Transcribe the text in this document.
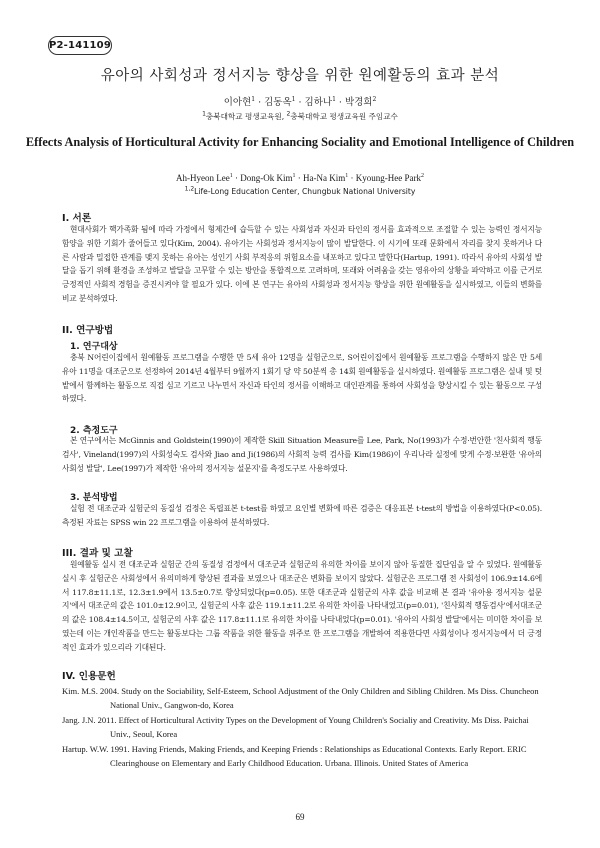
P2-141109
유아의 사회성과 정서지능 향상을 위한 원예활동의 효과 분석
이아현$^1$ · 김동옥$^1$ · 김하나$^1$ · 박경희$^2$
$^1$충북대학교 평생교육원, $^2$충북대학교 평생교육원 주임교수
Effects Analysis of Horticultural Activity for Enhancing Sociality and Emotional Intelligence of Children
Ah-Hyeon Lee$^1$ · Dong-Ok Kim$^1$ · Ha-Na Kim$^1$ · Kyoung-Hee Park$^2$
$^{1,2}$Life-Long Education Center, Chungbuk National University
I. 서론
현대사회가 핵가족화 됨에 따라 가정에서 형제간에 습득할 수 있는 사회성과 자신과 타인의 정서를 효과적으로 조절할 수 있는 능력인 정서지능 함양을 위한 기회가 줄어들고 있다(Kim, 2004). 유아기는 사회성과 정서지능이 많이 발달한다. 이 시기에 또래 문화에서 자리를 찾지 못하거나 다른 사람과 밀접한 관계를 맺지 못하는 유아는 성인기 사회 부적응의 위험요소를 내포하고 있다고 말한다(Hartup, 1991). 따라서 유아의 사회성 발달을 돕기 위해 환경을 조성하고 발달을 고무할 수 있는 방안을 통합적으로 고려하며, 또래와 어려움을 갖는 영유아의 상황을 파악하고 이를 근거로 긍정적인 사회적 경험을 증진시켜야 할 필요가 있다. 이에 본 연구는 유아의 사회성과 정서지능 향상을 위한 원예활동을 실시하였고, 이들의 변화를 비교 분석하였다.
II. 연구방법
1. 연구대상
충북 N어린이집에서 원예활동 프로그램을 수행한 만 5세 유아 12명을 실험군으로, S어린이집에서 원예활동 프로그램을 수행하지 않은 만 5세 유아 11명을 대조군으로 선정하여 2014년 4월부터 9월까지 1회기 당 약 50분씩 총 14회 원예활동을 실시하였다. 원예활동 프로그램은 실내 및 텃밭에서 함께하는 활동으로 직접 심고 기르고 나누면서 자신과 타인의 정서를 이해하고 대인관계를 통하여 사회성을 향상시킬 수 있는 활동으로 구성하였다.
2. 측정도구
본 연구에서는 McGinnis and Goldstein(1990)이 제작한 Skill Situation Measure를 Lee, Park, No(1993)가 수정·번안한 '친사회적 행동검사', Vineland(1997)의 사회성숙도 검사와 Jiao and Ji(1986)의 사회적 능력 검사를 Kim(1986)이 우리나라 실정에 맞게 수정·보완한 '유아의 사회성 발달', Lee(1997)가 제작한 '유아의 정서지능 설문지'를 측정도구로 사용하였다.
3. 분석방법
실험 전 대조군과 실험군의 동질성 검정은 독립표본 t-test를 하였고 요인별 변화에 따른 검증은 대응표본 t-test의 방법을 이용하였다(P<0.05). 측정된 자료는 SPSS win 22 프로그램을 이용하여 분석하였다.
III. 결과 및 고찰
원예활동 실시 전 대조군과 실험군 간의 동질성 검정에서 대조군과 실험군의 유의한 차이를 보이지 않아 동질한 집단임을 알 수 있었다. 원예활동 실시 후 실험군은 사회성에서 유의미하게 향상된 결과를 보였으나 대조군은 변화를 보이지 않았다. 실험군은 프로그램 전 사회성이 106.9±14.6에서 117.8±11.1로, 12.3±1.9에서 13.5±0.7로 향상되었다(p=0.05). 또한 대조군과 실험군의 사후 값을 비교해 본 결과 '유아용 정서지능 설문지'에서 대조군의 값은 101.0±12.9이고, 실험군의 사후 값은 119.1±11.2로 유의한 차이를 나타내었고(p=0.01), '친사회적 행동검사'에서대조군의 값은 108.4±14.5이고, 실험군의 사후 값은 117.8±11.1로 유의한 차이를 나타내었다(p=0.01). '유아의 사회성 발달'에서는 미미한 차이를 보였는데 이는 개인작품을 만드는 활동보다는 그룹 작품을 위한 활동을 위주로 한 프로그램을 개발하여 적용한다면 사회성이나 정서지능에서 더 긍정적인 효과가 있으리라 기대된다.
IV. 인용문헌
Kim. M.S. 2004. Study on the Sociability, Self-Esteem, School Adjustment of the Only Children and Sibling Children. Ms Diss. Chuncheon National Univ., Gangwon-do, Korea
Jang. J.N. 2011. Effect of Horticultural Activity Types on the Development of Young Children's Socialiy and Creativity. Ms Diss. Paichai Univ., Seoul, Korea
Hartup. W.W. 1991. Having Friends, Making Friends, and Keeping Friends : Relationships as Educational Contexts. Early Report. ERIC Clearinghouse on Elementary and Early Childhood Education. Urbana. Illinois. United States of America
69
